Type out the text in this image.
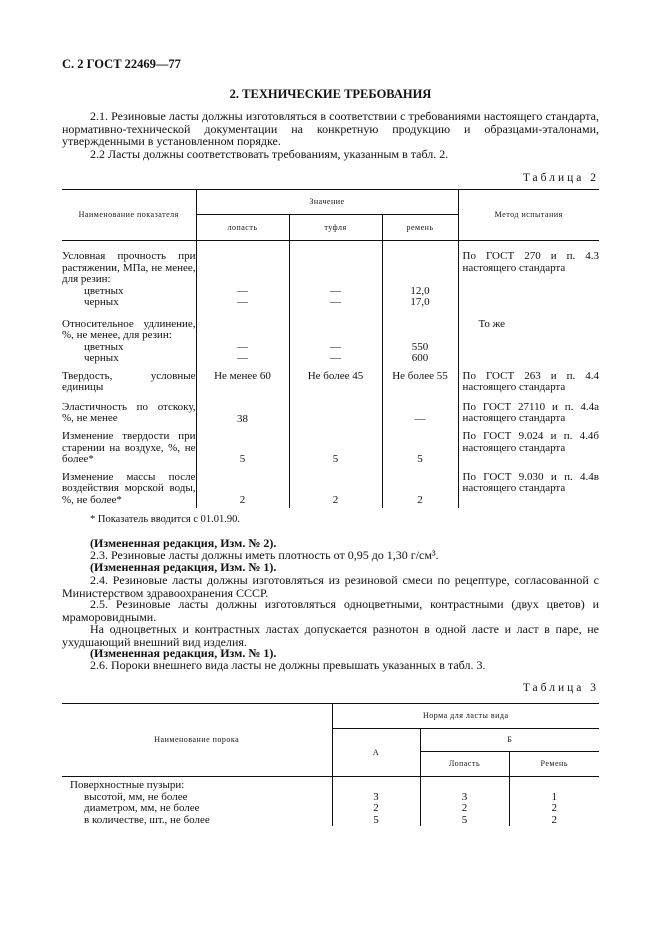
С. 2 ГОСТ 22469—77
2. ТЕХНИЧЕСКИЕ ТРЕБОВАНИЯ
2.1. Резиновые ласты должны изготовляться в соответствии с требованиями настоящего стандарта, нормативно-технической документации на конкретную продукцию и образцами-эталонами, утвержденными в установленном порядке.
2.2 Ласты должны соответствовать требованиям, указанным в табл. 2.
Таблица 2
Наименование показателя	Значение			Метод испытания
	лопасть	туфля	ремень	

Условная прочность при растяжении, МПа, не менее, для резин:				По ГОСТ 270 и п. 4.3 настоящего стандарта

цветных	—	—	12,0	
черных	—	—	17,0	

Относительное удлинение, %, не менее, для резин:				То же
цветных	—	—	550	
черных	—	—	600	

Твердость, условные единицы	Не менее 60	Не более 45	Не более 55	По ГОСТ 263 и п. 4.4 настоящего стандарта

Эластичность по отскоку, %, не менее	38		—	По ГОСТ 27110 и п. 4.4а настоящего стандарта

Изменение твердости при старении на воздухе, %, не более*	5	5	5	По ГОСТ 9.024 и п. 4.4б настоящего стандарта

Изменение массы после воздействия морской воды, %, не более*	2	2	2	По ГОСТ 9.030 и п. 4.4в настоящего стандарта
* Показатель вводится с 01.01.90.
(Измененная редакция, Изм. № 2).
2.3. Резиновые ласты должны иметь плотность от 0,95 до 1,30 г/см³.
(Измененная редакция, Изм. № 1).
2.4. Резиновые ласты должны изготовляться из резиновой смеси по рецептуре, согласованной с Министерством здравоохранения СССР.
2.5. Резиновые ласты должны изготовляться одноцветными, контрастными (двух цветов) и мраморовидными.
На одноцветных и контрастных ластах допускается разнотон в одной ласте и ласт в паре, не ухудшающий внешний вид изделия.
(Измененная редакция, Изм. № 1).
2.6. Пороки внешнего вида ласты не должны превышать указанных в табл. 3.
Таблица 3
Наименование порока	Норма для ласты вида		
	А	Б	
		Лопасть	Ремень
Поверхностные пузыри:			
высотой, мм, не более	3	3	1
диаметром, мм, не более	2	2	2
в количестве, шт., не более	5	5	2
